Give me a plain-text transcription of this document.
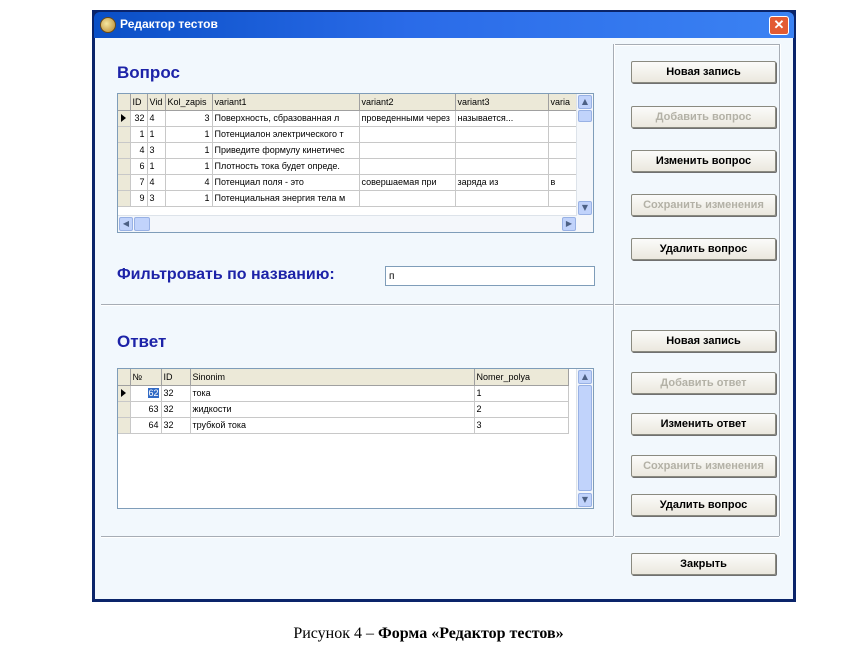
Редактор тестов	✕
Вопрос
	ID	Vid	Kol_zapis	variant1	variant2	variant3	varia

	32	4	3	Поверхность, сбразованная л	проведенными через	называется...	
	1	1	1	Потенциалон электрического т			
	4	3	1	Приведите формулу кинетичес			
	6	1	1	Плотность тока будет опреде.			
	7	4	4	Потенциал поля - это	совершаемая при	заряда из	в
	9	3	1	Потенциальная энергия тела м			
▲
▼
◀	▶
Фильтровать по названию:
п
Ответ
	№	ID	Sinonim	Nomer_polya

	62	32	тока	1
	63	32	жидкости	2
	64	32	трубкой тока	3
▲
▼
Новая запись
Добавить вопрос
Изменить вопрос
Сохранить изменения
Удалить вопрос
Новая запись
Добавить ответ
Изменить ответ
Сохранить изменения
Удалить вопрос
Закрыть
Рисунок 4 – Форма «Редактор тестов»
